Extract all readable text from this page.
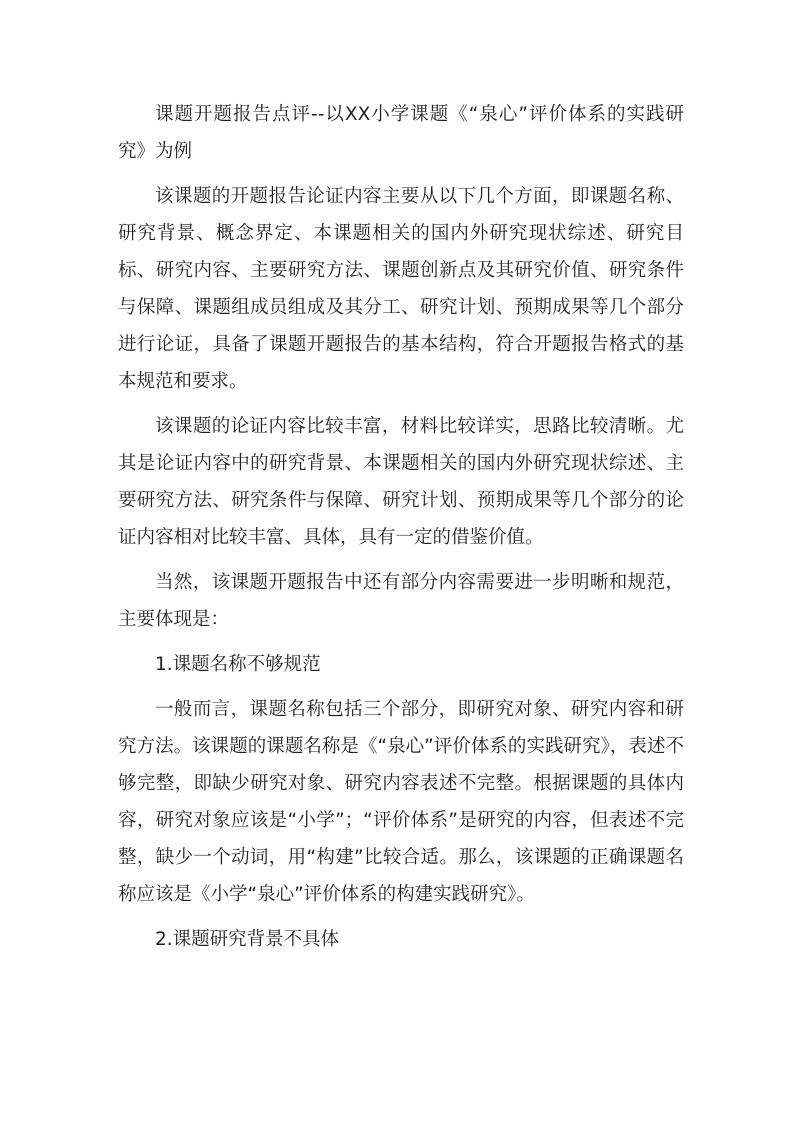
课题开题报告点评--以XX小学课题《“泉心”评价体系的实践研究》为例

该课题的开题报告论证内容主要从以下几个方面，即课题名称、研究背景、概念界定、本课题相关的国内外研究现状综述、研究目标、研究内容、主要研究方法、课题创新点及其研究价值、研究条件与保障、课题组成员组成及其分工、研究计划、预期成果等几个部分进行论证，具备了课题开题报告的基本结构，符合开题报告格式的基本规范和要求。

该课题的论证内容比较丰富，材料比较详实，思路比较清晰。尤其是论证内容中的研究背景、本课题相关的国内外研究现状综述、主要研究方法、研究条件与保障、研究计划、预期成果等几个部分的论证内容相对比较丰富、具体，具有一定的借鉴价值。

当然，该课题开题报告中还有部分内容需要进一步明晰和规范，主要体现是：

1.课题名称不够规范

一般而言，课题名称包括三个部分，即研究对象、研究内容和研究方法。该课题的课题名称是《“泉心”评价体系的实践研究》，表述不够完整，即缺少研究对象、研究内容表述不完整。根据课题的具体内容，研究对象应该是“小学”；“评价体系”是研究的内容，但表述不完整，缺少一个动词，用“构建”比较合适。那么，该课题的正确课题名称应该是《小学“泉心”评价体系的构建实践研究》。

2.课题研究背景不具体
